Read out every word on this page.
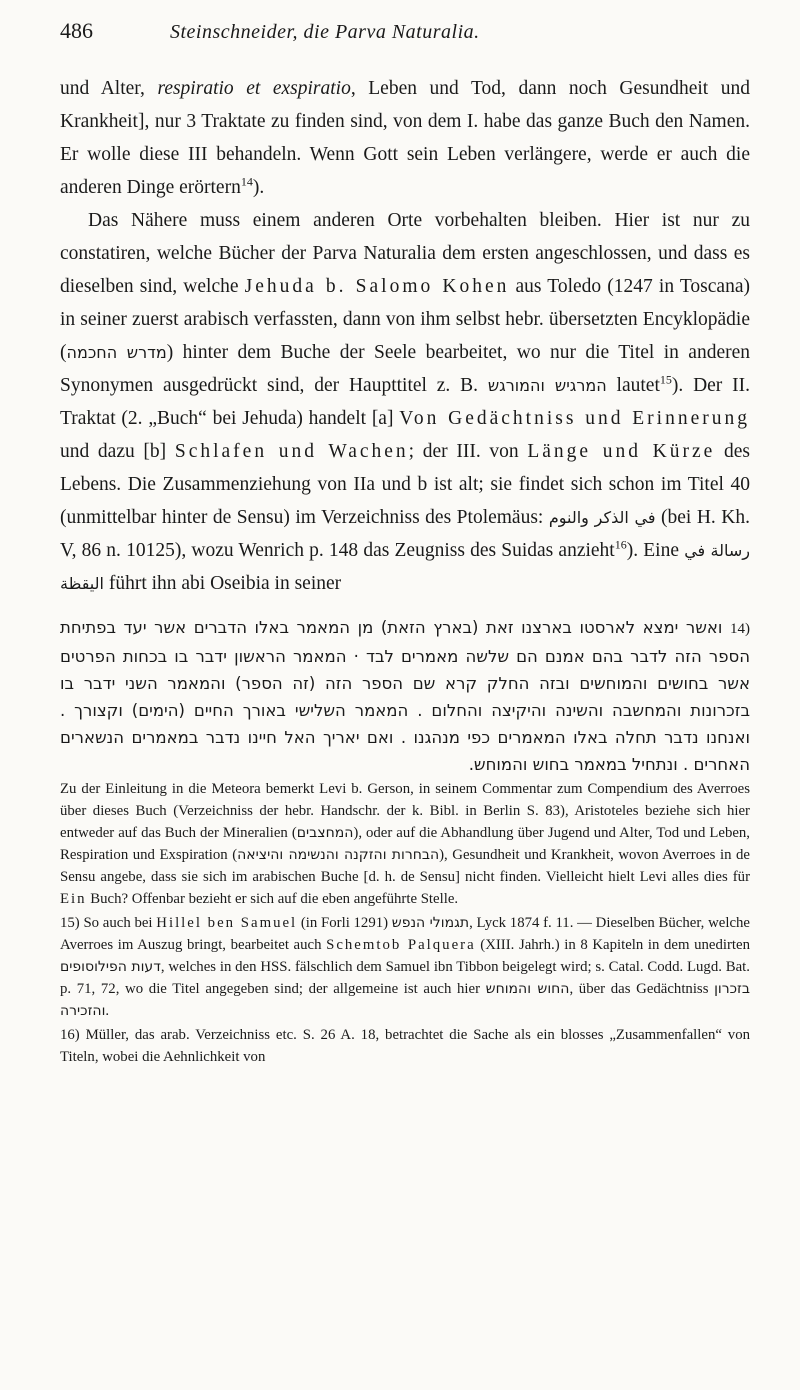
486	Steinschneider, die Parva Naturalia.

und Alter, respiratio et exspiratio, Leben und Tod, dann noch Gesundheit und Krankheit], nur 3 Traktate zu finden sind, von dem I. habe das ganze Buch den Namen. Er wolle diese III behandeln. Wenn Gott sein Leben verlängere, werde er auch die anderen Dinge erörtern$^{14}$).

Das Nähere muss einem anderen Orte vorbehalten bleiben. Hier ist nur zu constatiren, welche Bücher der Parva Naturalia dem ersten angeschlossen, und dass es dieselben sind, welche Jehuda b. Salomo Kohen aus Toledo (1247 in Toscana) in seiner zuerst arabisch verfassten, dann von ihm selbst hebr. übersetzten Encyklopädie (מדרש החכמה) hinter dem Buche der Seele bearbeitet, wo nur die Titel in anderen Synonymen ausgedrückt sind, der Haupttitel z. B. המרגיש והמורגש lautet$^{15}$). Der II. Traktat (2. „Buch“ bei Jehuda) handelt [a] Von Gedächtniss und Erinnerung und dazu [b] Schlafen und Wachen; der III. von Länge und Kürze des Lebens. Die Zusammenziehung von IIa und b ist alt; sie findet sich schon im Titel 40 (unmittelbar hinter de Sensu) im Verzeichniss des Ptolemäus: في الذكر والنوم (bei H. Kh. V, 86 n. 10125), wozu Wenrich p. 148 das Zeugniss des Suidas anzieht$^{16}$). Eine رسالة في اليقظة führt ihn abi Oseibia in seiner

14) ואשר ימצא לארסטו בארצנו זאת (בארץ הזאת) מן המאמר באלו הדברים אשר יעד בפתיחת הספר הזה לדבר בהם אמנם הם שלשה מאמרים לבד · המאמר הראשון ידבר בו בכחות הפרטים אשר בחושים והמוחשים ובזה החלק קרא שם הספר הזה (זה הספר) והמאמר השני ידבר בו בזכרונות והמחשבה והשינה והיקיצה והחלום . המאמר השלישי באורך החיים (הימים) וקצורך . ואנחנו נדבר תחלה באלו המאמרים כפי מנהגנו . ואם יאריך האל חיינו נדבר במאמרים הנשארים האחרים . ונתחיל במאמר בחוש והמוחש.

Zu der Einleitung in die Meteora bemerkt Levi b. Gerson, in seinem Commentar zum Compendium des Averroes über dieses Buch (Verzeichniss der hebr. Handschr. der k. Bibl. in Berlin S. 83), Aristoteles beziehe sich hier entweder auf das Buch der Mineralien (המחצבים), oder auf die Abhandlung über Jugend und Alter, Tod und Leben, Respiration und Exspiration (הבחרות והזקנה והנשימה והיציאה), Gesundheit und Krankheit, wovon Averroes in de Sensu angebe, dass sie sich im arabischen Buche [d. h. de Sensu] nicht finden. Vielleicht hielt Levi alles dies für Ein Buch? Offenbar bezieht er sich auf die eben angeführte Stelle.

15) So auch bei Hillel ben Samuel (in Forli 1291) תגמולי הנפש, Lyck 1874 f. 11. — Dieselben Bücher, welche Averroes im Auszug bringt, bearbeitet auch Schemtob Palquera (XIII. Jahrh.) in 8 Kapiteln in dem unedirten דעות הפילוסופים, welches in den HSS. fälschlich dem Samuel ibn Tibbon beigelegt wird; s. Catal. Codd. Lugd. Bat. p. 71, 72, wo die Titel angegeben sind; der allgemeine ist auch hier החוש והמוחש, über das Gedächtniss בזכרון והזכירה.

16) Müller, das arab. Verzeichniss etc. S. 26 A. 18, betrachtet die Sache als ein blosses „Zusammenfallen“ von Titeln, wobei die Aehnlichkeit von
